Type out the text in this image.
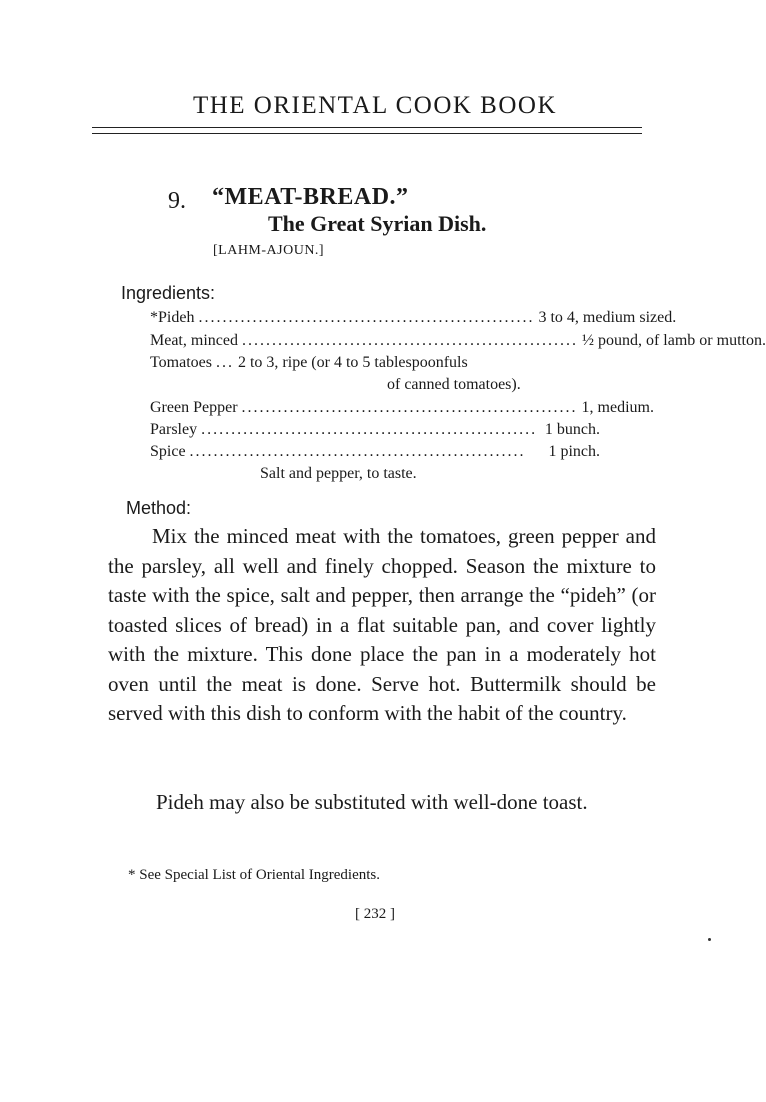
THE ORIENTAL COOK BOOK
9. “MEAT-BREAD.”
The Great Syrian Dish.
[LAHM-AJOUN.]
Ingredients:
*Pideh ........................................................ 3 to 4, medium sized.
Meat, minced ........................................................ ½ pound, of lamb or mutton.
Tomatoes ... 2 to 3, ripe (or 4 to 5 tablespoonfuls
of canned tomatoes).
Green Pepper ........................................................ 1, medium.
Parsley ........................................................ 1 bunch.
Spice ........................................................	1 pinch.
Salt and pepper, to taste.
Method:
Mix the minced meat with the tomatoes, green pepper and the parsley, all well and finely chopped. Season the mixture to taste with the spice, salt and pepper, then arrange the “pideh” (or toasted slices of bread) in a flat suitable pan, and cover lightly with the mixture. This done place the pan in a moderately hot oven until the meat is done. Serve hot. Buttermilk should be served with this dish to conform with the habit of the country.
Pideh may also be substituted with well-done toast.
* See Special List of Oriental Ingredients.
[ 232 ]
